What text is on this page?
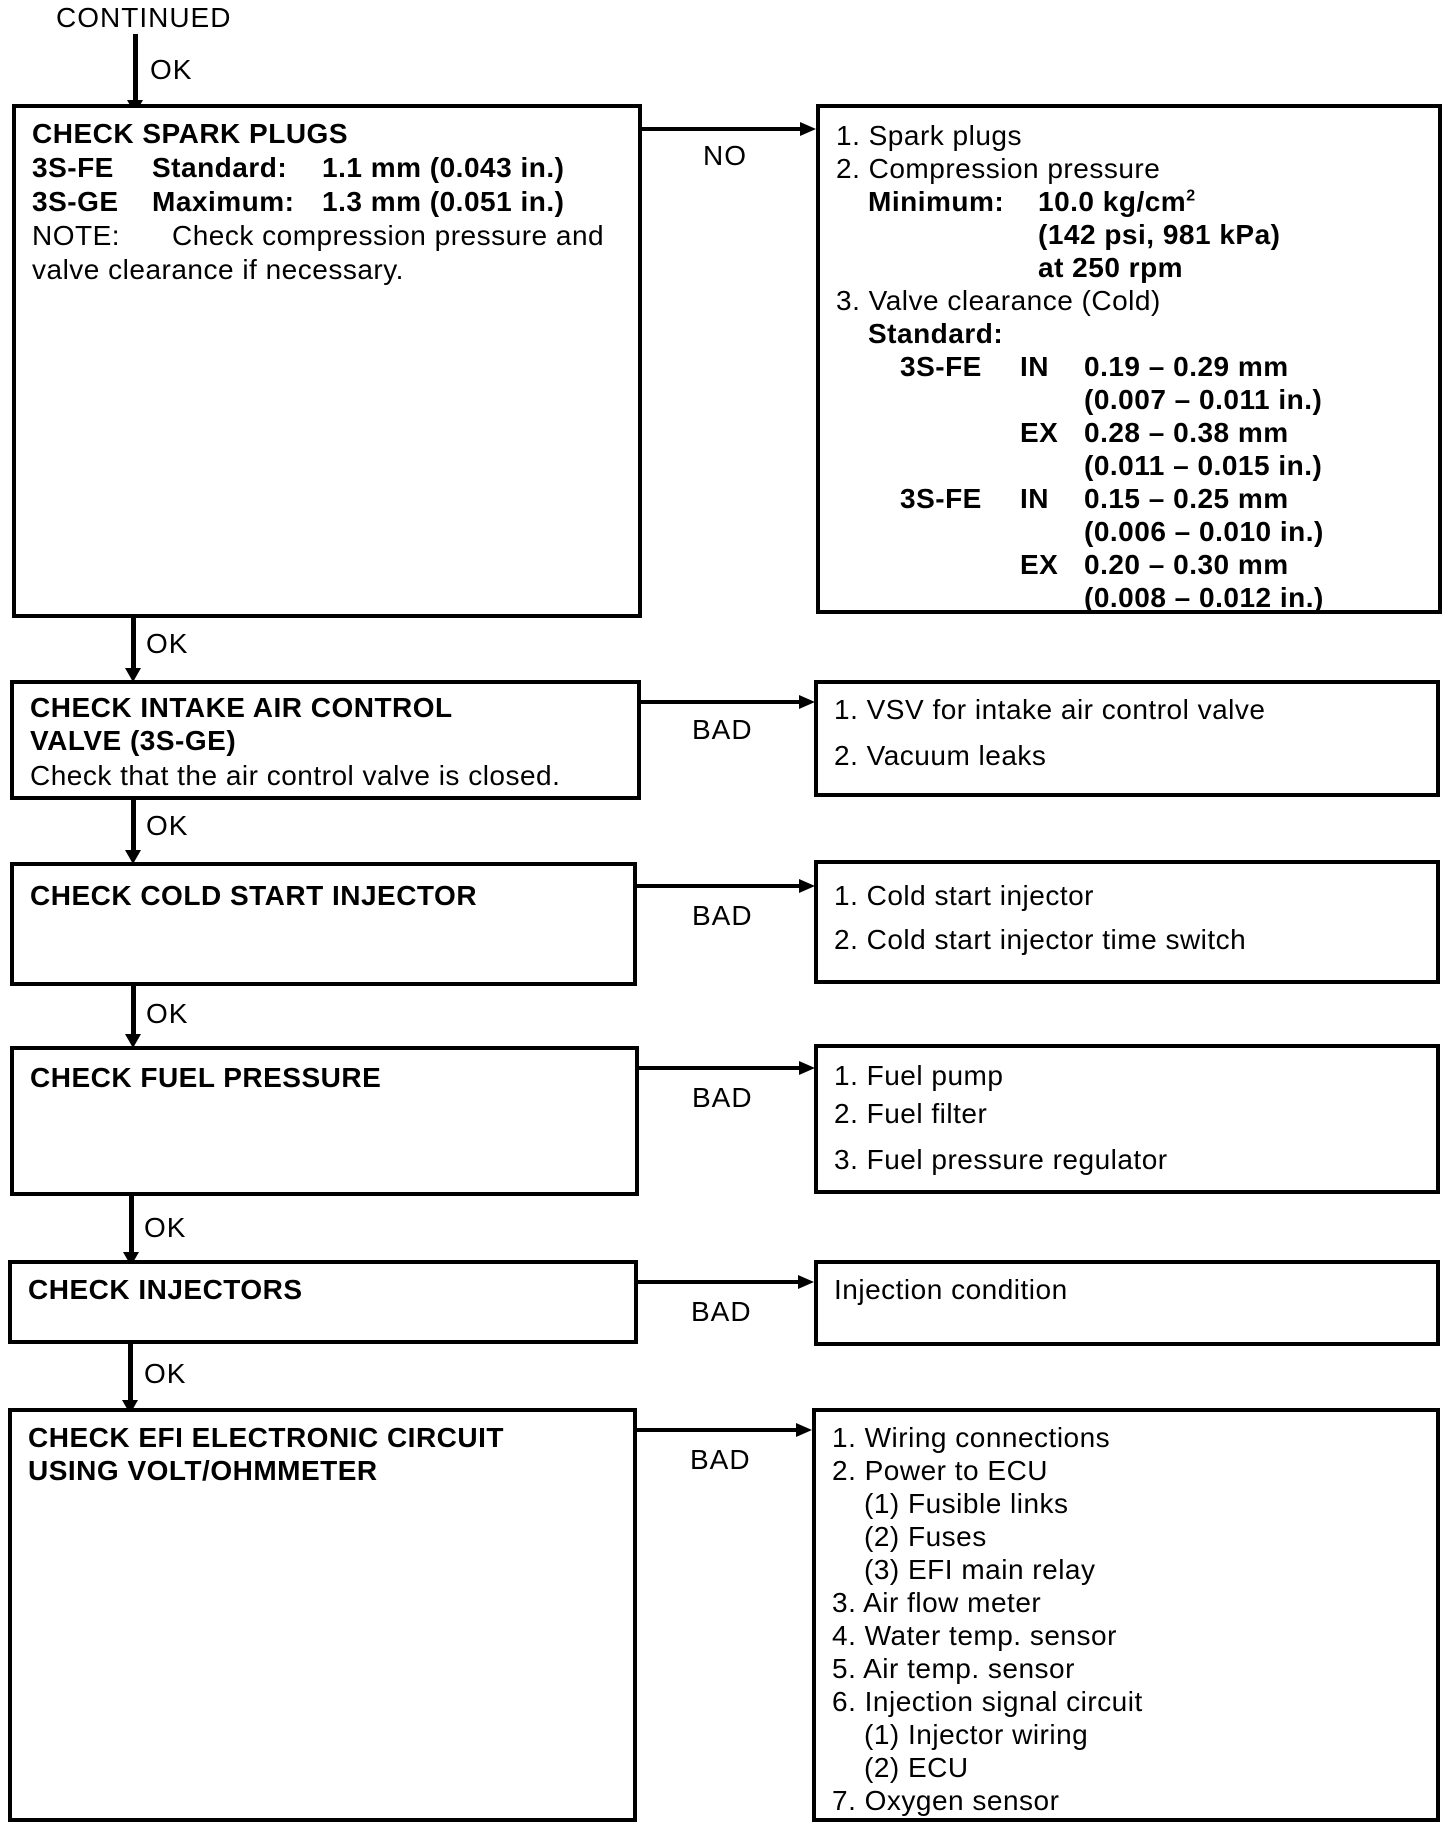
CONTINUED
OK
CHECK SPARK PLUGS
3S-FE Standard: 1.1 mm (0.043 in.)
3S-GE Maximum: 1.3 mm (0.051 in.)
NOTE: Check compression pressure and
valve clearance if necessary.
NO
1. Spark plugs
2. Compression pressure
Minimum: 10.0 $kg/cm^2$
(142 psi, 981 kPa)
at 250 rpm
3. Valve clearance (Cold)
Standard:
3S-FE IN 0.19 – 0.29 mm
(0.007 – 0.011 in.)
EX 0.28 – 0.38 mm
(0.011 – 0.015 in.)
3S-FE IN 0.15 – 0.25 mm
(0.006 – 0.010 in.)
EX 0.20 – 0.30 mm
(0.008 – 0.012 in.)
OK
CHECK INTAKE AIR CONTROL
VALVE (3S-GE)
Check that the air control valve is closed.
BAD
1. VSV for intake air control valve
2. Vacuum leaks
OK
CHECK COLD START INJECTOR
BAD
1. Cold start injector
2. Cold start injector time switch
OK
CHECK FUEL PRESSURE
BAD
1. Fuel pump
2. Fuel filter
3. Fuel pressure regulator
OK
CHECK INJECTORS
BAD
Injection condition
OK
CHECK EFI ELECTRONIC CIRCUIT
USING VOLT/OHMMETER	BAD
1. Wiring connections
2. Power to ECU
(1) Fusible links
(2) Fuses
(3) EFI main relay
3. Air flow meter
4. Water temp. sensor
5. Air temp. sensor
6. Injection signal circuit
(1) Injector wiring
(2) ECU
7. Oxygen sensor
